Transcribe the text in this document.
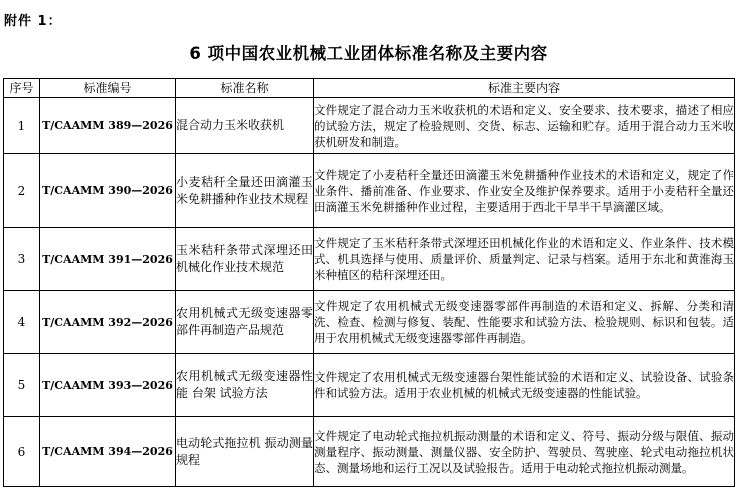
附件 1：
6 项中国农业机械工业团体标准名称及主要内容
序号	标准编号	标准名称	标准主要内容
1	T/CAAMM 389—2026	混合动力玉米收获机	文件规定了混合动力玉米收获机的术语和定义、安全要求、技术要求，描述了相应的试验方法，规定了检验规则、交货、标志、运输和贮存。适用于混合动力玉米收获机研发和制造。
2	T/CAAMM 390—2026	小麦秸秆全量还田滴灌玉米免耕播种作业技术规程	文件规定了小麦秸秆全量还田滴灌玉米免耕播种作业技术的术语和定义，规定了作业条件、播前准备、作业要求、作业安全及维护保养要求。适用于小麦秸秆全量还田滴灌玉米免耕播种作业过程，主要适用于西北干旱半干旱滴灌区域。
3	T/CAAMM 391—2026	玉米秸秆条带式深埋还田机械化作业技术规范	文件规定了玉米秸秆条带式深埋还田机械化作业的术语和定义、作业条件、技术模式、机具选择与使用、质量评价、质量判定、记录与档案。适用于东北和黄淮海玉米种植区的秸秆深埋还田。
4	T/CAAMM 392—2026	农用机械式无级变速器零部件再制造产品规范	文件规定了农用机械式无级变速器零部件再制造的术语和定义、拆解、分类和清洗、检查、检测与修复、装配、性能要求和试验方法、检验规则、标识和包装。适用于农用机械式无级变速器零部件再制造。
5	T/CAAMM 393—2026	农用机械式无级变速器性能 台架 试验方法	文件规定了农用机械式无级变速器台架性能试验的术语和定义、试验设备、试验条件和试验方法。适用于农业机械的机械式无级变速器的性能试验。
6	T/CAAMM 394—2026	电动轮式拖拉机 振动测量规程	文件规定了电动轮式拖拉机振动测量的术语和定义、符号、振动分级与限值、振动测量程序、振动测量、测量仪器、安全防护、驾驶员、驾驶座、轮式电动拖拉机状态、测量场地和运行工况以及试验报告。适用于电动轮式拖拉机振动测量。
